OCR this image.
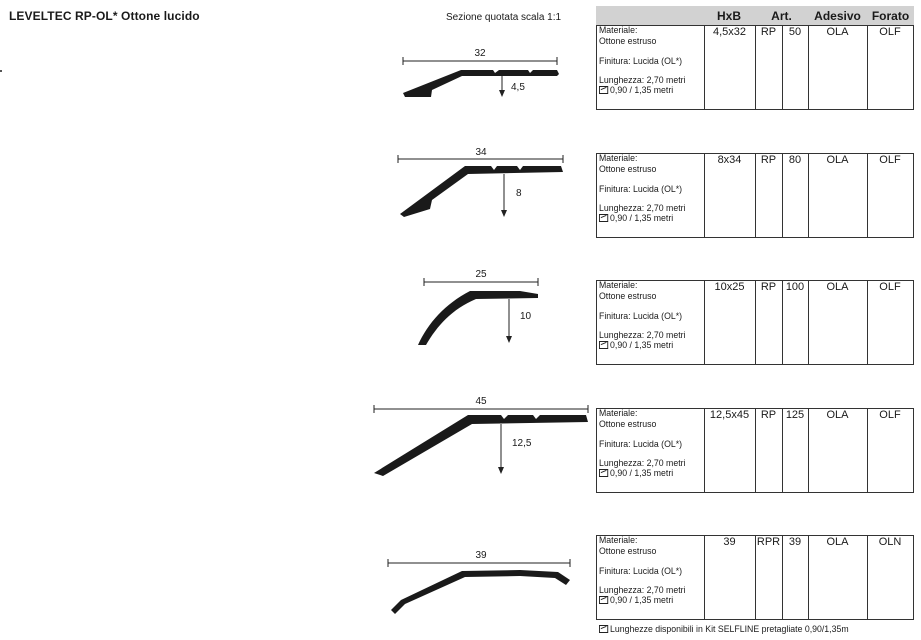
LEVELTEC RP-OL* Ottone lucido	Sezione quotata scala 1:1
32
4,5
34
8
25
10
45
12,5
39
HxB	Art.	Adesivo Forato
Materiale:
Ottone estruso
Finitura: Lucida (OL*)
Lunghezza: 2,70 metri
0,90 / 1,35 metri
4,5x32	RP	50	OLA	OLF
Materiale:
Ottone estruso
Finitura: Lucida (OL*)
Lunghezza: 2,70 metri
0,90 / 1,35 metri
8x34	RP	80	OLA	OLF
Materiale:
Ottone estruso
Finitura: Lucida (OL*)
Lunghezza: 2,70 metri
0,90 / 1,35 metri
10x25	RP 100	OLA	OLF
Materiale:
Ottone estruso
Finitura: Lucida (OL*)
Lunghezza: 2,70 metri
0,90 / 1,35 metri
12,5x45	RP 125	OLA	OLF
Materiale:
Ottone estruso
Finitura: Lucida (OL*)
Lunghezza: 2,70 metri
0,90 / 1,35 metri
39	RPR 39	OLA	OLN
Lunghezze disponibili in Kit SELFLINE pretagliate 0,90/1,35m
